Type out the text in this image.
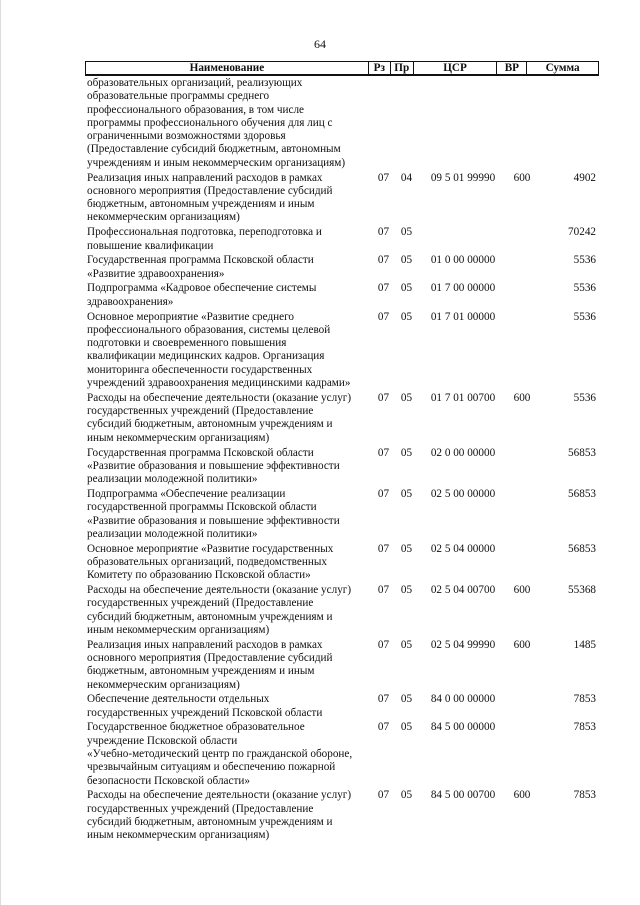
64
Наименование	Рз Пр	ЦСР	ВР	Сумма
образовательных организаций, реализующих
образовательные программы среднего
профессионального образования, в том числе
программы профессионального обучения для лиц с
ограниченными возможностями здоровья
(Предоставление субсидий бюджетным, автономным
учреждениям и иным некоммерческим организациям)
Реализация иных направлений расходов в рамках
основного мероприятия (Предоставление субсидий
бюджетным, автономным учреждениям и иным
некоммерческим организациям)
07	04	09 5 01 99990	600	4902
Профессиональная подготовка, переподготовка и
повышение квалификации
07	05	70242
Государственная программа Псковской области
«Развитие здравоохранения»
07	05	01 0 00 00000	5536
Подпрограмма «Кадровое обеспечение системы
здравоохранения»
07	05	01 7 00 00000	5536
Основное мероприятие «Развитие среднего
профессионального образования, системы целевой
подготовки и своевременного повышения
квалификации медицинских кадров. Организация
мониторинга обеспеченности государственных
учреждений здравоохранения медицинскими кадрами»
07	05	01 7 01 00000	5536
Расходы на обеспечение деятельности (оказание услуг)
государственных учреждений (Предоставление
субсидий бюджетным, автономным учреждениям и
иным некоммерческим организациям)
07	05	01 7 01 00700	600	5536
Государственная программа Псковской области
«Развитие образования и повышение эффективности
реализации молодежной политики»
07	05	02 0 00 00000	56853
Подпрограмма «Обеспечение реализации
государственной программы Псковской области
«Развитие образования и повышение эффективности
реализации молодежной политики»
07	05	02 5 00 00000	56853
Основное мероприятие «Развитие государственных
образовательных организаций, подведомственных
Комитету по образованию Псковской области»
07	05	02 5 04 00000	56853
Расходы на обеспечение деятельности (оказание услуг)
государственных учреждений (Предоставление
субсидий бюджетным, автономным учреждениям и
иным некоммерческим организациям)
07	05	02 5 04 00700	600	55368
Реализация иных направлений расходов в рамках
основного мероприятия (Предоставление субсидий
бюджетным, автономным учреждениям и иным
некоммерческим организациям)
07	05	02 5 04 99990	600	1485
Обеспечение деятельности отдельных
государственных учреждений Псковской области
07	05	84 0 00 00000	7853
Государственное бюджетное образовательное
учреждение Псковской области
«Учебно-методический центр по гражданской обороне,
чрезвычайным ситуациям и обеспечению пожарной
безопасности Псковской области»
07	05	84 5 00 00000	7853
Расходы на обеспечение деятельности (оказание услуг)
государственных учреждений (Предоставление
субсидий бюджетным, автономным учреждениям и
иным некоммерческим организациям)
07	05	84 5 00 00700	600	7853
